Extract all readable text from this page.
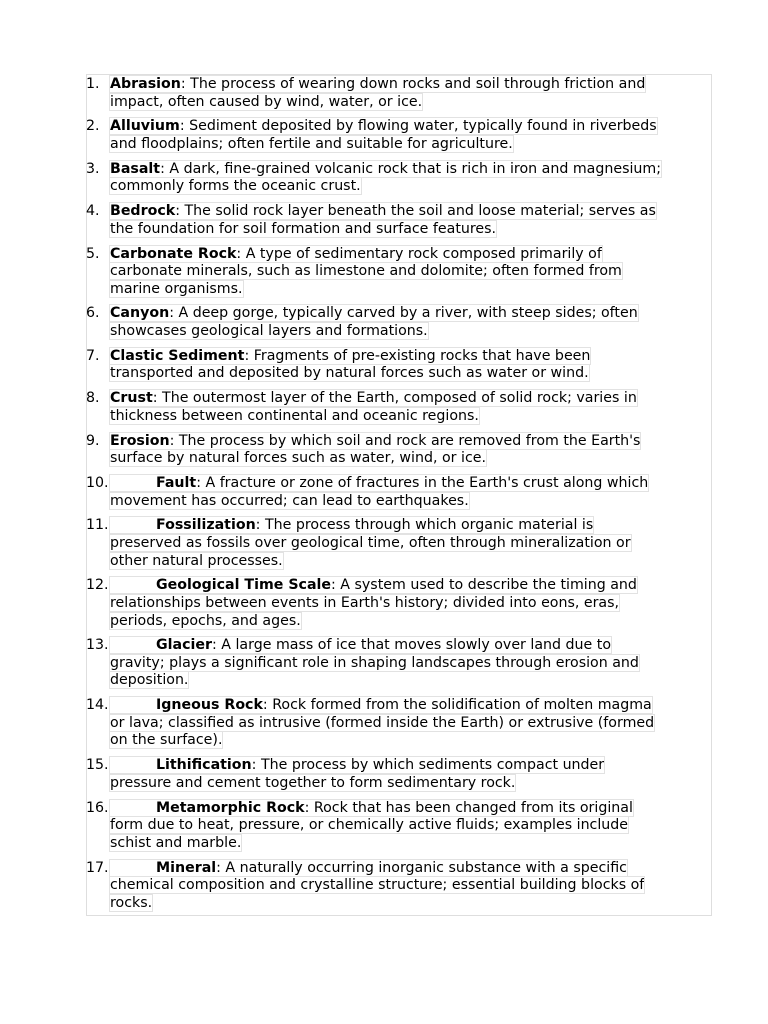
1. Abrasion: The process of wearing down rocks and soil through friction and
impact, often caused by wind, water, or ice.
2. Alluvium: Sediment deposited by flowing water, typically found in riverbeds
and floodplains; often fertile and suitable for agriculture.
3. Basalt: A dark, fine-grained volcanic rock that is rich in iron and magnesium;
commonly forms the oceanic crust.
4. Bedrock: The solid rock layer beneath the soil and loose material; serves as
the foundation for soil formation and surface features.
5. Carbonate Rock: A type of sedimentary rock composed primarily of
carbonate minerals, such as limestone and dolomite; often formed from
marine organisms.
6. Canyon: A deep gorge, typically carved by a river, with steep sides; often
showcases geological layers and formations.
7. Clastic Sediment: Fragments of pre-existing rocks that have been
transported and deposited by natural forces such as water or wind.
8. Crust: The outermost layer of the Earth, composed of solid rock; varies in
thickness between continental and oceanic regions.
9. Erosion: The process by which soil and rock are removed from the Earth's
surface by natural forces such as water, wind, or ice.
10.	Fault: A fracture or zone of fractures in the Earth's crust along which
movement has occurred; can lead to earthquakes.
11.	Fossilization: The process through which organic material is
preserved as fossils over geological time, often through mineralization or
other natural processes.
12.	Geological Time Scale: A system used to describe the timing and
relationships between events in Earth's history; divided into eons, eras,
periods, epochs, and ages.
13.	Glacier: A large mass of ice that moves slowly over land due to
gravity; plays a significant role in shaping landscapes through erosion and
deposition.
14.	Igneous Rock: Rock formed from the solidification of molten magma
or lava; classified as intrusive (formed inside the Earth) or extrusive (formed
on the surface).
15.	Lithification: The process by which sediments compact under
pressure and cement together to form sedimentary rock.
16.	Metamorphic Rock: Rock that has been changed from its original
form due to heat, pressure, or chemically active fluids; examples include
schist and marble.
17.	Mineral: A naturally occurring inorganic substance with a specific
chemical composition and crystalline structure; essential building blocks of
rocks.
